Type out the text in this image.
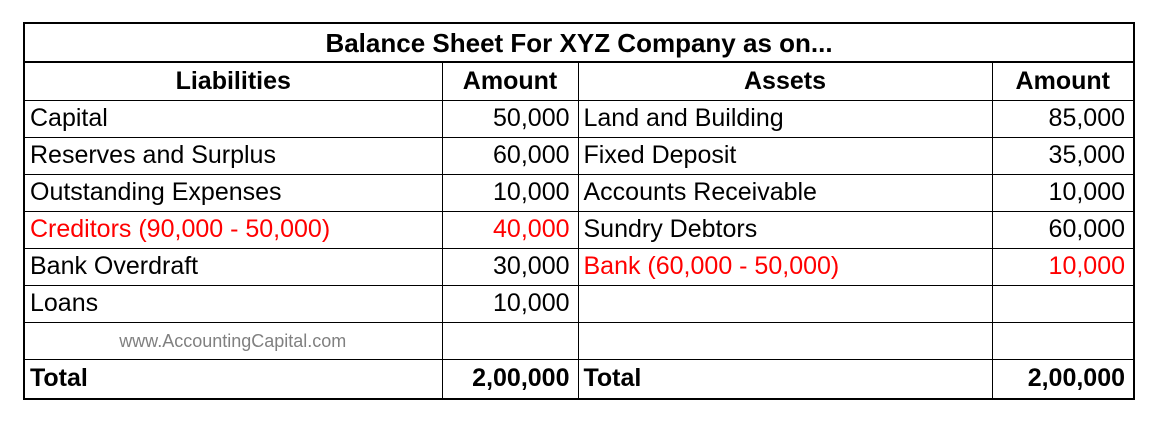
Balance Sheet For XYZ Company as on...			
Liabilities	Amount	Assets	Amount
Capital	50,000	Land and Building	85,000
Reserves and Surplus	60,000	Fixed Deposit	35,000
Outstanding Expenses	10,000	Accounts Receivable	10,000
Creditors (90,000 - 50,000)	40,000	Sundry Debtors	60,000
Bank Overdraft	30,000	Bank (60,000 - 50,000)	10,000
Loans	10,000		
www.AccountingCapital.com			
Total	2,00,000	Total	2,00,000
